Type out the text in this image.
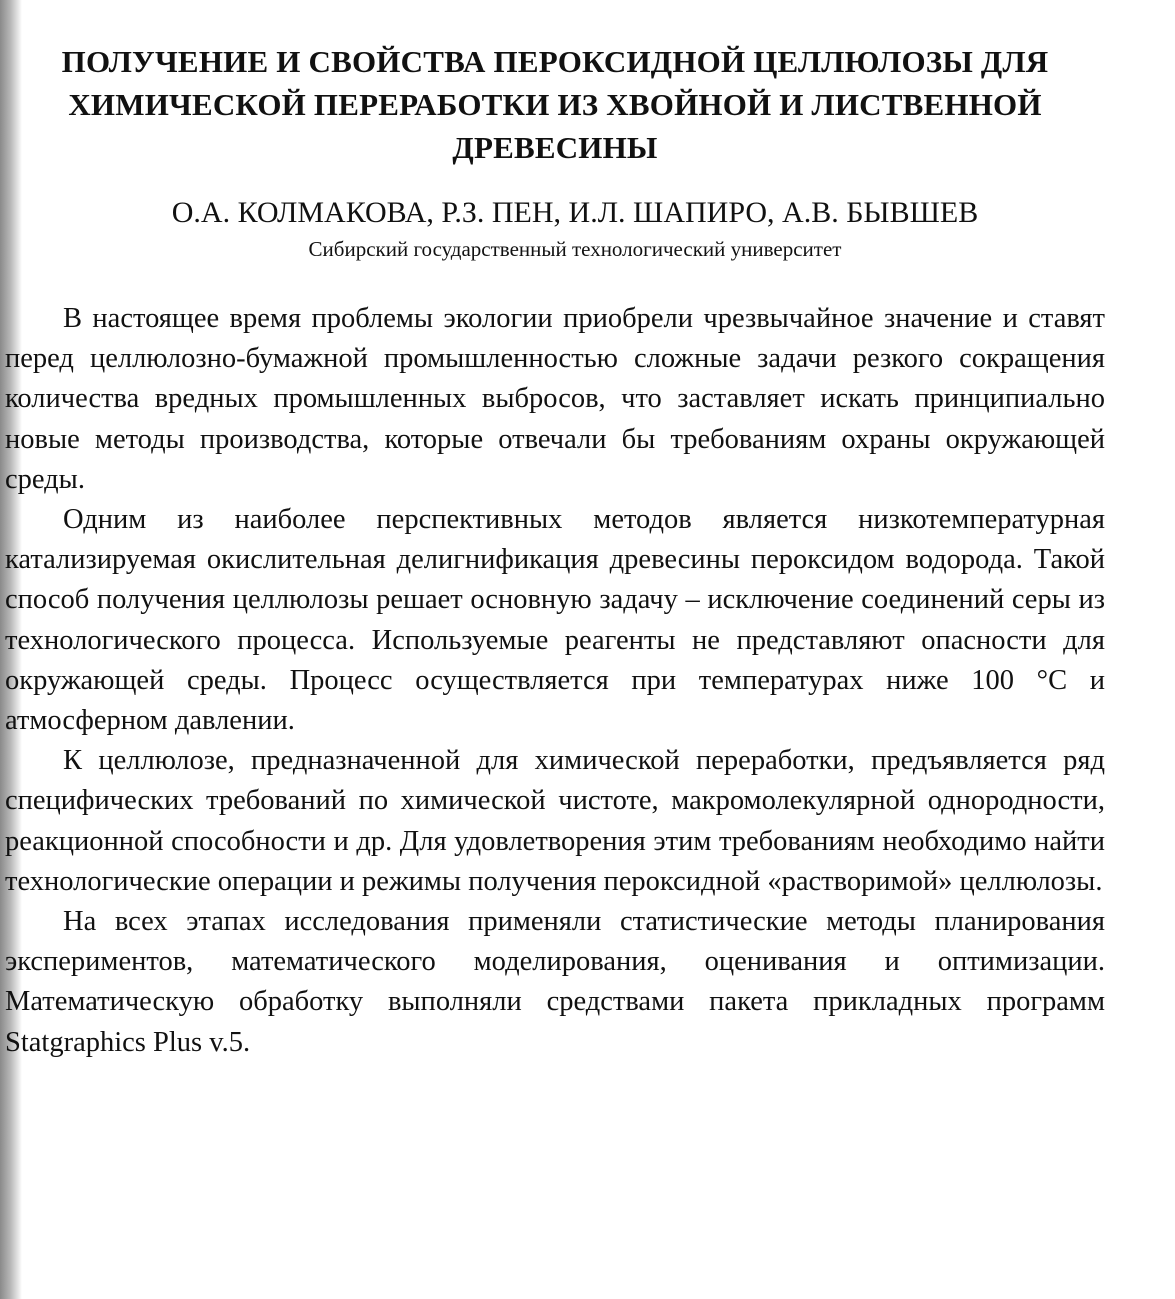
ПОЛУЧЕНИЕ И СВОЙСТВА ПЕРОКСИДНОЙ ЦЕЛЛЮЛОЗЫ ДЛЯ ХИМИЧЕСКОЙ ПЕРЕРАБОТКИ ИЗ ХВОЙНОЙ И ЛИСТВЕННОЙ ДРЕВЕСИНЫ
О.А. КОЛМАКОВА, Р.З. ПЕН, И.Л. ШАПИРО, А.В. БЫВШЕВ
Сибирский государственный технологический университет

В настоящее время проблемы экологии приобрели чрезвычайное значение и ставят перед целлюлозно-бумажной промышленностью сложные задачи резкого сокращения количества вредных промышленных выбросов, что заставляет искать принципиально новые методы производства, которые отвечали бы требованиям охраны окружающей среды.

Одним из наиболее перспективных методов является низкотемпературная катализируемая окислительная делигнификация древесины пероксидом водорода. Такой способ получения целлюлозы решает основную задачу – исключение соединений серы из технологического процесса. Используемые реагенты не представляют опасности для окружающей среды. Процесс осуществляется при температурах ниже 100 °С и атмосферном давлении.

К целлюлозе, предназначенной для химической переработки, предъявляется ряд специфических требований по химической чистоте, макромолекулярной однородности, реакционной способности и др. Для удовлетворения этим требованиям необходимо найти технологические операции и режимы получения пероксидной «растворимой» целлюлозы.

На всех этапах исследования применяли статистические методы планирования экспериментов, математического моделирования, оценивания и оптимизации. Математическую обработку выполняли средствами пакета прикладных программ Statgraphics Plus v.5.
